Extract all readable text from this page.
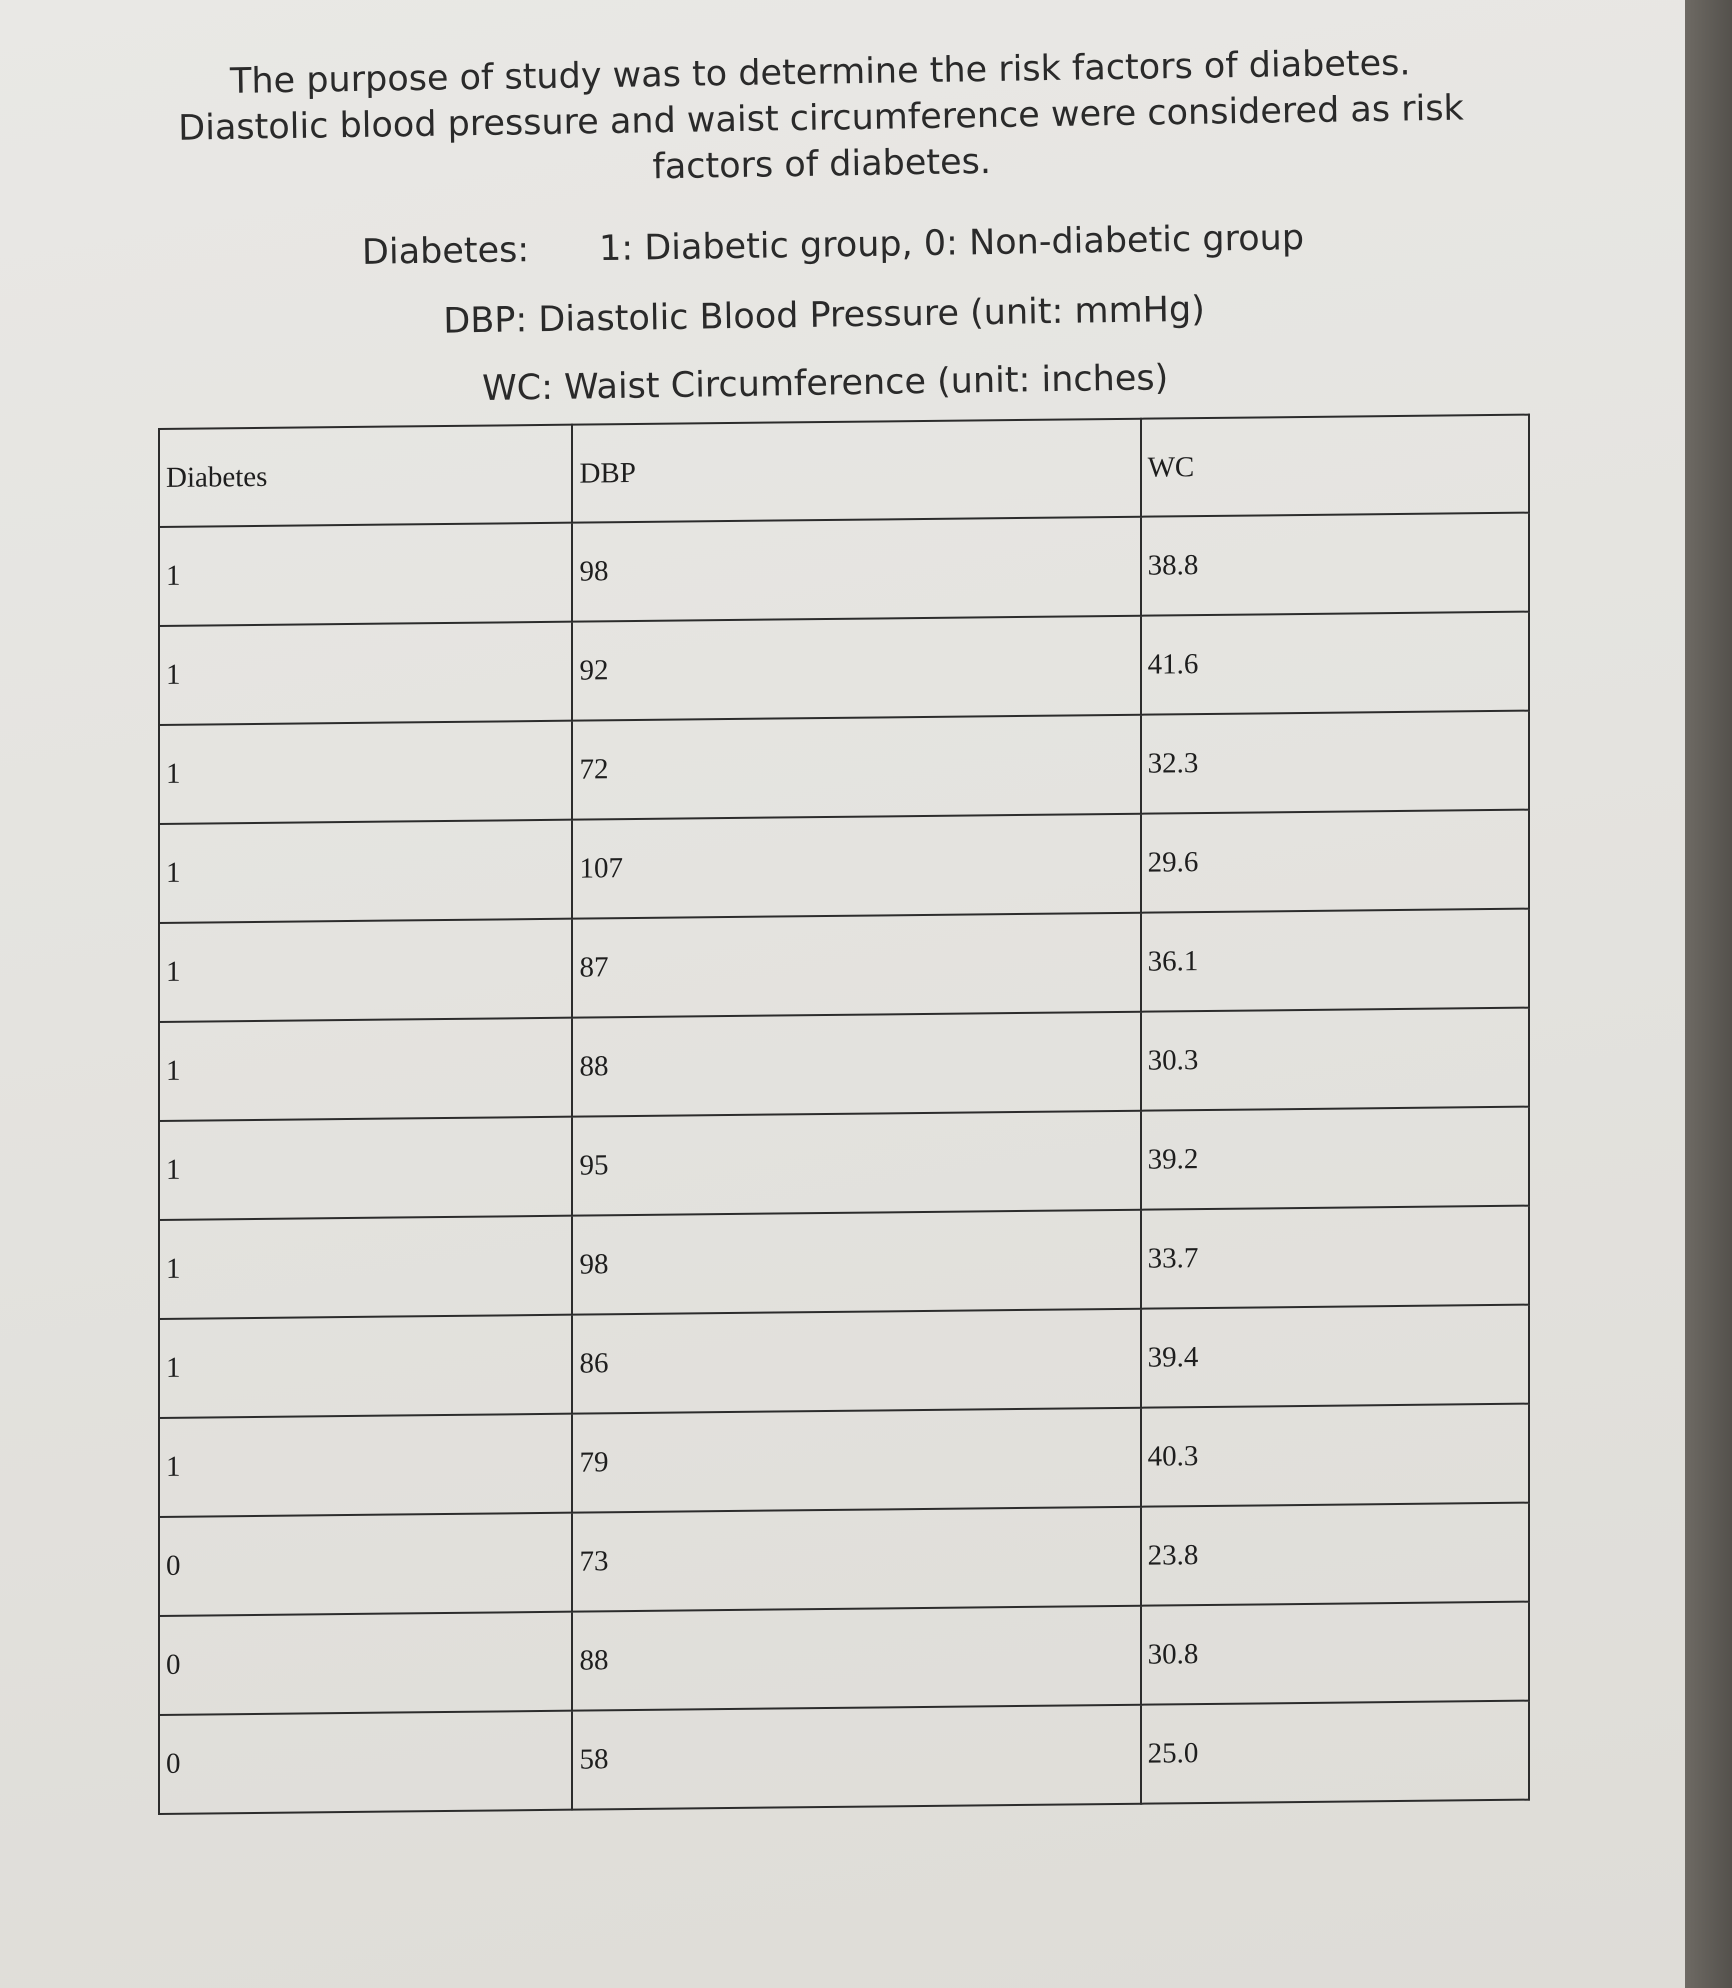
The purpose of study was to determine the risk factors of diabetes.

Diastolic blood pressure and waist circumference were considered as risk

factors of diabetes.

Diabetes: 1: Diabetic group, 0: Non-diabetic group

DBP: Diastolic Blood Pressure (unit: mmHg)

WC: Waist Circumference (unit: inches)

Diabetes	DBP	WC
1	98	38.8
1	92	41.6
1	72	32.3
1	107	29.6
1	87	36.1
1	88	30.3
1	95	39.2
1	98	33.7
1	86	39.4
1	79	40.3
0	73	23.8
0	88	30.8
0	58	25.0
